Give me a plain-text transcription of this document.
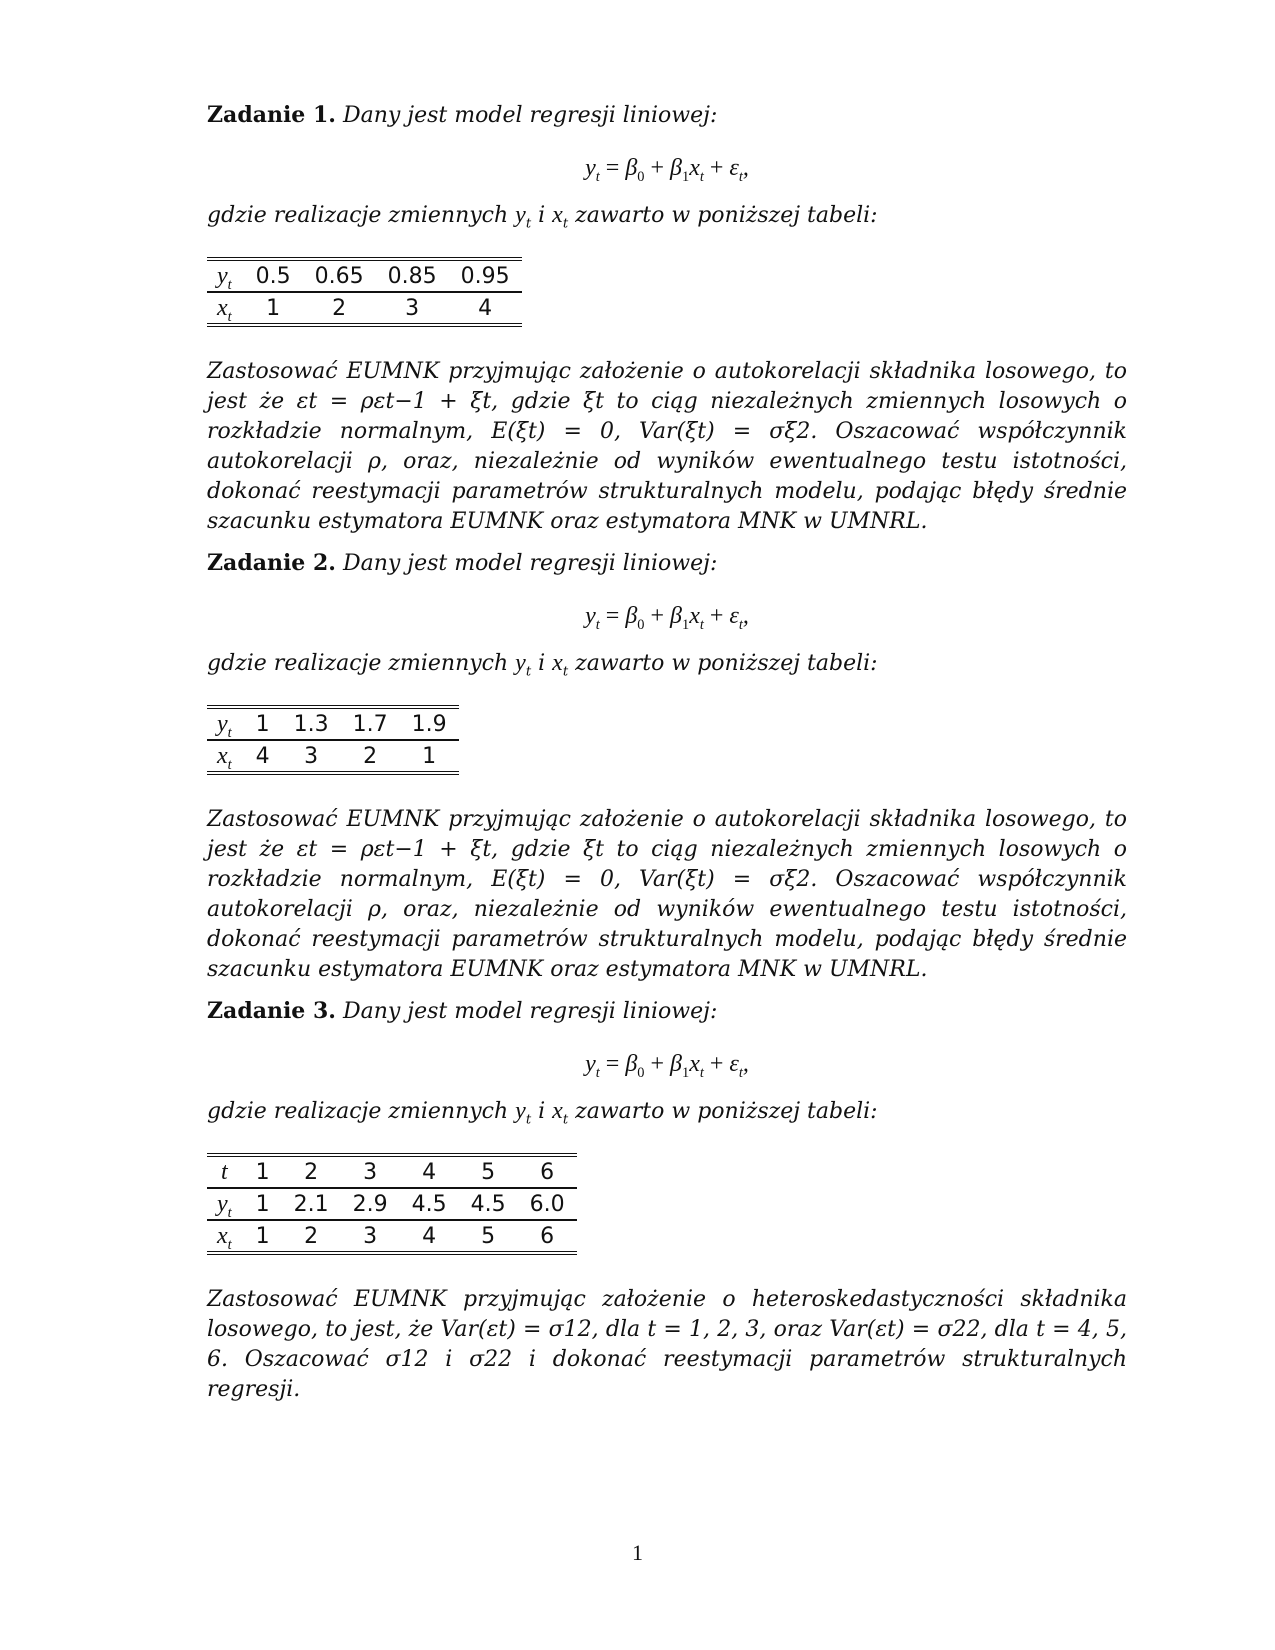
Zadanie 1. Dany jest model regresji liniowej:

$y_t = \beta_0 + \beta_1x_t + \varepsilon_t$,

gdzie realizacje zmiennych $y_t$ i $x_t$ zawarto w poniższej tabeli:

$y_t$	0.5	0.65	0.85	0.95
$x_t$	1	2	3	4

Zastosować EUMNK przyjmując założenie o autokorelacji składnika losowego, to jest że εt = ρεt−1 + ξt, gdzie ξt to ciąg niezależnych zmiennych losowych o rozkładzie normalnym, E(ξt) = 0, Var(ξt) = σξ2. Oszacować współczynnik autokorelacji ρ, oraz, niezależnie od wyników ewentualnego testu istotności, dokonać reestymacji parametrów strukturalnych modelu, podając błędy średnie szacunku estymatora EUMNK oraz estymatora MNK w UMNRL.

Zadanie 2. Dany jest model regresji liniowej:

$y_t = \beta_0 + \beta_1x_t + \varepsilon_t$,

gdzie realizacje zmiennych $y_t$ i $x_t$ zawarto w poniższej tabeli:

$y_t$	1	1.3	1.7	1.9
$x_t$	4	3	2	1

Zastosować EUMNK przyjmując założenie o autokorelacji składnika losowego, to jest że εt = ρεt−1 + ξt, gdzie ξt to ciąg niezależnych zmiennych losowych o rozkładzie normalnym, E(ξt) = 0, Var(ξt) = σξ2. Oszacować współczynnik autokorelacji ρ, oraz, niezależnie od wyników ewentualnego testu istotności, dokonać reestymacji parametrów strukturalnych modelu, podając błędy średnie szacunku estymatora EUMNK oraz estymatora MNK w UMNRL.

Zadanie 3. Dany jest model regresji liniowej:

$y_t = \beta_0 + \beta_1x_t + \varepsilon_t$,

gdzie realizacje zmiennych $y_t$ i $x_t$ zawarto w poniższej tabeli:

t	1	2	3	4	5	6
$y_t$	1	2.1	2.9	4.5	4.5	6.0
$x_t$	1	2	3	4	5	6

Zastosować EUMNK przyjmując założenie o heteroskedastyczności składnika losowego, to jest, że Var(εt) = σ12, dla t = 1, 2, 3, oraz Var(εt) = σ22, dla t = 4, 5, 6. Oszacować σ12 i σ22 i dokonać reestymacji parametrów strukturalnych regresji.

1
